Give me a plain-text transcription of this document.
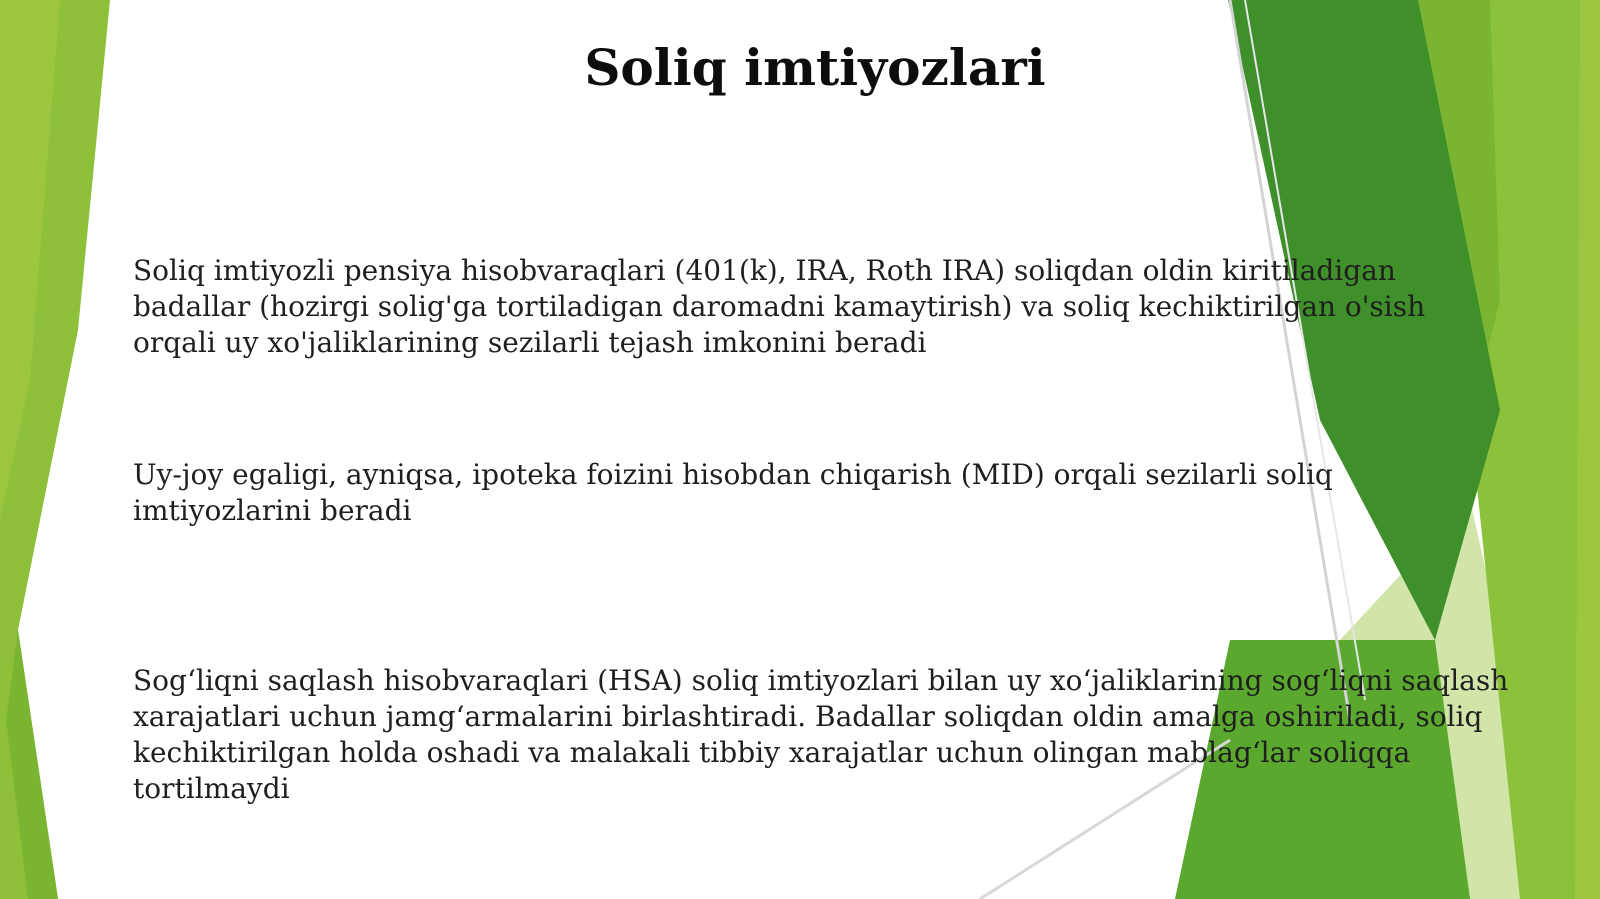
Soliq imtiyozlari

Soliq imtiyozli pensiya hisobvaraqlari (401(k), IRA, Roth IRA) soliqdan oldin kiritiladigan badallar (hozirgi solig'ga tortiladigan daromadni kamaytirish) va soliq kechiktirilgan o'sish orqali uy xo'jaliklarining sezilarli tejash imkonini beradi

Uy-joy egaligi, ayniqsa, ipoteka foizini hisobdan chiqarish (MID) orqali sezilarli soliq imtiyozlarini beradi

Sog‘liqni saqlash hisobvaraqlari (HSA) soliq imtiyozlari bilan uy xo‘jaliklarining sog‘liqni saqlash xarajatlari uchun jamg‘armalarini birlashtiradi. Badallar soliqdan oldin amalga oshiriladi, soliq kechiktirilgan holda oshadi va malakali tibbiy xarajatlar uchun olingan mablag‘lar soliqqa tortilmaydi
